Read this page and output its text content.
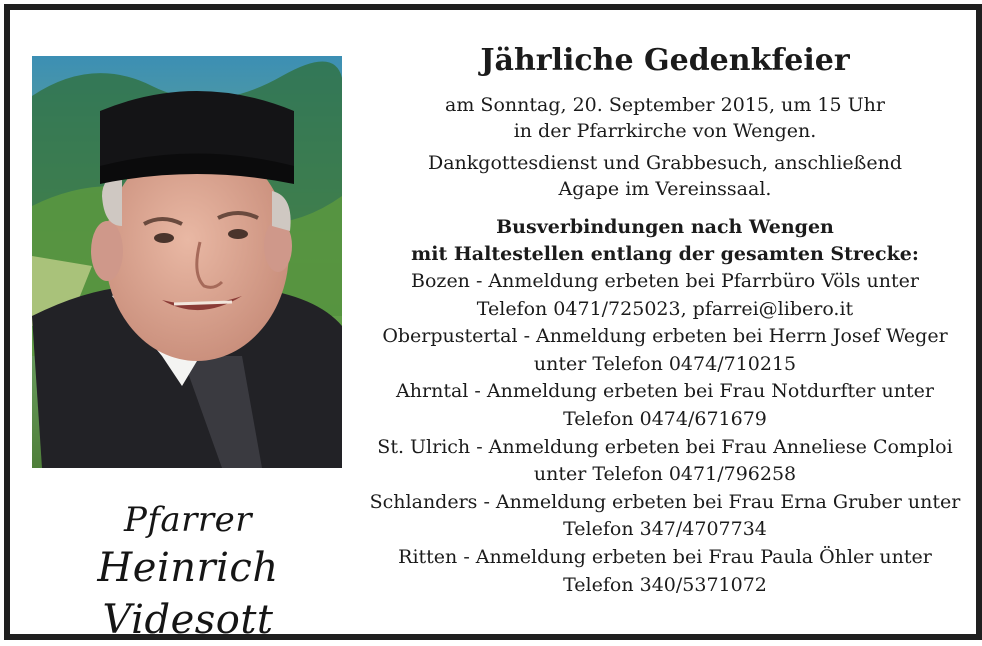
Pfarrer
Heinrich Videsott
Jährliche Gedenkfeier
am Sonntag, 20. September 2015, um 15 Uhr
in der Pfarrkirche von Wengen.
Dankgottesdienst und Grabbesuch, anschließend
Agape im Vereinssaal.
Busverbindungen nach Wengen
mit Haltestellen entlang der gesamten Strecke:
Bozen - Anmeldung erbeten bei Pfarrbüro Völs unter
Telefon 0471/725023, pfarrei@libero.it
Oberpustertal - Anmeldung erbeten bei Herrn Josef Weger
unter Telefon 0474/710215
Ahrntal - Anmeldung erbeten bei Frau Notdurfter unter
Telefon 0474/671679
St. Ulrich - Anmeldung erbeten bei Frau Anneliese Comploi
unter Telefon 0471/796258
Schlanders - Anmeldung erbeten bei Frau Erna Gruber unter
Telefon 347/4707734
Ritten - Anmeldung erbeten bei Frau Paula Öhler unter
Telefon 340/5371072
